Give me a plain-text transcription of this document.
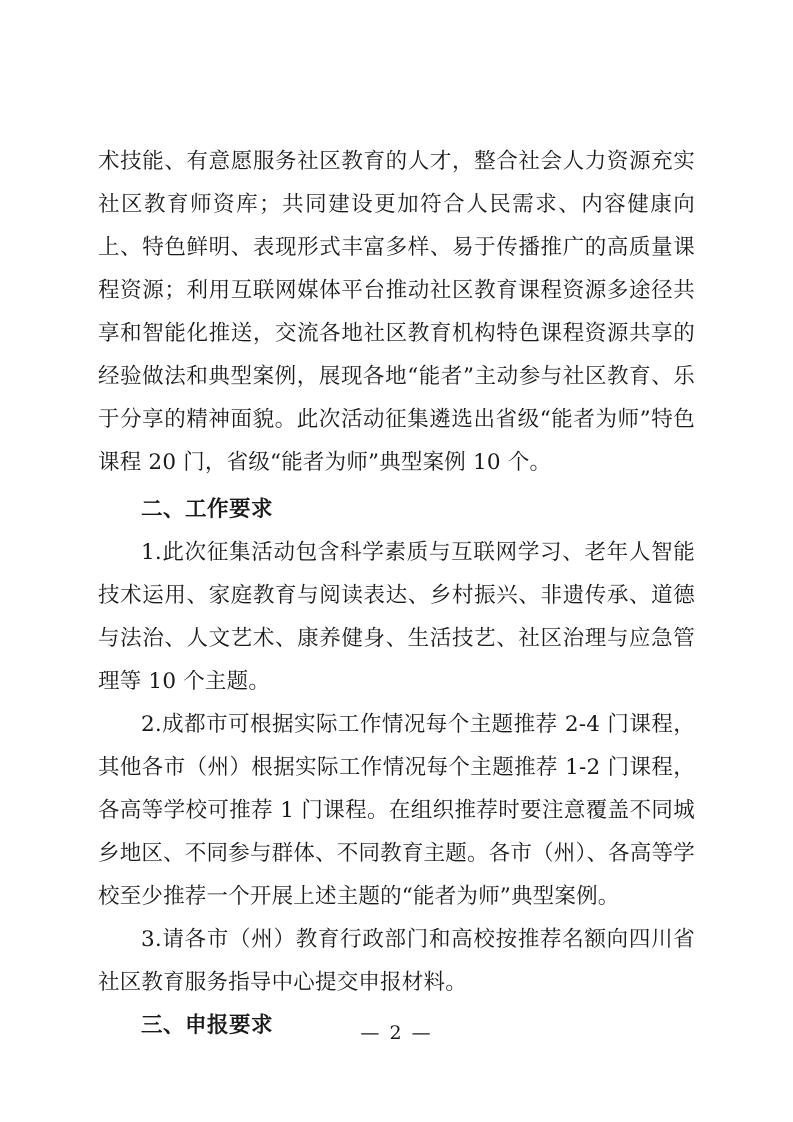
术技能、有意愿服务社区教育的人才，整合社会人力资源充实社区教育师资库；共同建设更加符合人民需求、内容健康向上、特色鲜明、表现形式丰富多样、易于传播推广的高质量课程资源；利用互联网媒体平台推动社区教育课程资源多途径共享和智能化推送，交流各地社区教育机构特色课程资源共享的经验做法和典型案例，展现各地“能者”主动参与社区教育、乐于分享的精神面貌。此次活动征集遴选出省级“能者为师”特色课程 20 门，省级“能者为师”典型案例 10 个。

二、工作要求

1.此次征集活动包含科学素质与互联网学习、老年人智能技术运用、家庭教育与阅读表达、乡村振兴、非遗传承、道德与法治、人文艺术、康养健身、生活技艺、社区治理与应急管理等 10 个主题。

2.成都市可根据实际工作情况每个主题推荐 2-4 门课程，其他各市（州）根据实际工作情况每个主题推荐 1-2 门课程，各高等学校可推荐 1 门课程。在组织推荐时要注意覆盖不同城乡地区、不同参与群体、不同教育主题。各市（州）、各高等学校至少推荐一个开展上述主题的“能者为师”典型案例。

3.请各市（州）教育行政部门和高校按推荐名额向四川省社区教育服务指导中心提交申报材料。

三、申报要求	— 2 —
